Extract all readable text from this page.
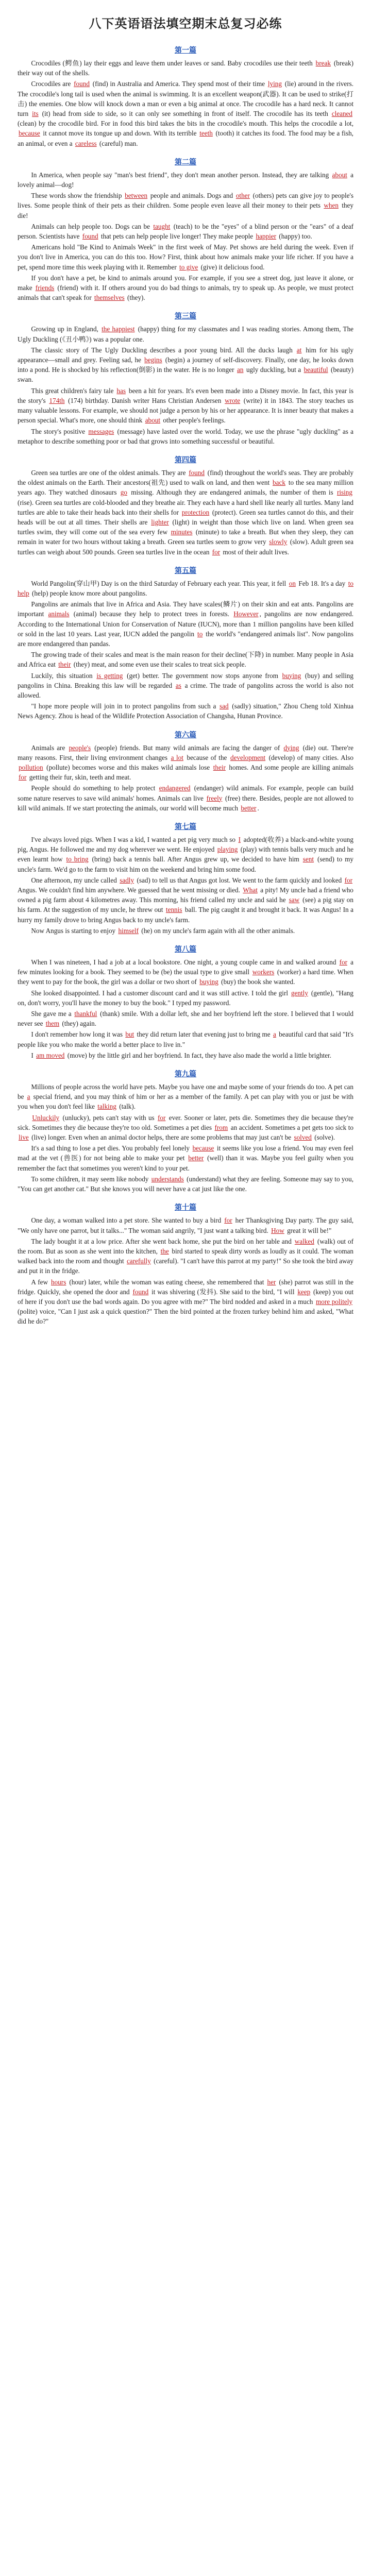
八下英语语法填空期末总复习必练
第一篇

Crocodiles (鳄鱼) lay their eggs and leave them under leaves or sand. Baby crocodiles use their teeth break (break) their way out of the shells.

Crocodiles are found (find) in Australia and America. They spend most of their time lying (lie) around in the rivers. The crocodile's long tail is used when the animal is swimming. It is an excellent weapon(武器). It can be used to strike(打击) the enemies. One blow will knock down a man or even a big animal at once. The crocodile has a hard neck. It cannot turn its (it) head from side to side, so it can only see something in front of itself. The crocodile has its teeth cleaned (clean) by the crocodile bird. For in food this bird takes the bits in the crocodile's mouth. This helps the crocodile a lot, because it cannot move its tongue up and down. With its terrible teeth (tooth) it catches its food. The food may be a fish, an animal, or even a careless (careful) man.

第二篇

In America, when people say "man's best friend", they don't mean another person. Instead, they are talking about a lovely animal—dog!

These words show the friendship between people and animals. Dogs and other (others) pets can give joy to people's lives. Some people think of their pets as their children. Some people even leave all their money to their pets when they die!

Animals can help people too. Dogs can be taught (teach) to be the "eyes" of a blind person or the "ears" of a deaf person. Scientists have found that pets can help people live longer! They make people happier (happy) too.

Americans hold "Be Kind to Animals Week" in the first week of May. Pet shows are held during the week. Even if you don't live in America, you can do this too. How? First, think about how animals make your life richer. If you have a pet, spend more time this week playing with it. Remember to give (give) it delicious food.

If you don't have a pet, be kind to animals around you. For example, if you see a street dog, just leave it alone, or make friends (friend) with it. If others around you do bad things to animals, try to speak up. As people, we must protect animals that can't speak for themselves (they).

第三篇

Growing up in England, the happiest (happy) thing for my classmates and I was reading stories. Among them, The Ugly Duckling (《丑小鸭》) was a popular one.

The classic story of The Ugly Duckling describes a poor young bird. All the ducks laugh at him for his ugly appearance—small and grey. Feeling sad, he begins (begin) a journey of self-discovery. Finally, one day, he looks down into a pond. He is shocked by his reflection(倒影) in the water. He is no longer an ugly duckling, but a beautiful (beauty) swan.

This great children's fairy tale has been a hit for years. It's even been made into a Disney movie. In fact, this year is the story's 174th (174) birthday. Danish writer Hans Christian Andersen wrote (write) it in 1843. The story teaches us many valuable lessons. For example, we should not judge a person by his or her appearance. It is inner beauty that makes a person special. What's more, one should think about other people's feelings.

The story's positive messages (message) have lasted over the world. Today, we use the phrase "ugly duckling" as a metaphor to describe something poor or bad that grows into something successful or beautiful.

第四篇

Green sea turtles are one of the oldest animals. They are found (find) throughout the world's seas. They are probably the oldest animals on the Earth. Their ancestors(祖先) used to walk on land, and then went back to the sea many million years ago. They watched dinosaurs go missing. Although they are endangered animals, the number of them is rising (rise). Green sea turtles are cold-blooded and they breathe air. They each have a hard shell like nearly all turtles. Many land turtles are able to take their heads back into their shells for protection (protect). Green sea turtles cannot do this, and their heads will be out at all times. Their shells are lighter (light) in weight than those which live on land. When green sea turtles swim, they will come out of the sea every few minutes (minute) to take a breath. But when they sleep, they can remain in water for two hours without taking a breath. Green sea turtles seem to grow very slowly (slow). Adult green sea turtles can weigh about 500 pounds. Green sea turtles live in the ocean for most of their adult lives.

第五篇

World Pangolin(穿山甲) Day is on the third Saturday of February each year. This year, it fell on Feb 18. It's a day to help (help) people know more about pangolins.

Pangolins are animals that live in Africa and Asia. They have scales(鳞片) on their skin and eat ants. Pangolins are important animals (animal) because they help to protect trees in forests. However , pangolins are now endangered. According to the International Union for Conservation of Nature (IUCN), more than 1 million pangolins have been killed or sold in the last 10 years. Last year, IUCN added the pangolin to the world's "endangered animals list". Now pangolins are more endangered than pandas.

The growing trade of their scales and meat is the main reason for their decline(下降) in number. Many people in Asia and Africa eat their (they) meat, and some even use their scales to treat sick people.

Luckily, this situation is getting (get) better. The government now stops anyone from buying (buy) and selling pangolins in China. Breaking this law will be regarded as a crime. The trade of pangolins across the world is also not allowed.

"I hope more people will join in to protect pangolins from such a sad (sadly) situation," Zhou Cheng told Xinhua News Agency. Zhou is head of the Wildlife Protection Association of Changsha, Hunan Province.

第六篇

Animals are people's (people) friends. But many wild animals are facing the danger of dying (die) out. There're many reasons. First, their living environment changes a lot because of the development (develop) of many cities. Also pollution (pollute) becomes worse and this makes wild animals lose their homes. And some people are killing animals for getting their fur, skin, teeth and meat.

People should do something to help protect endangered (endanger) wild animals. For example, people can build some nature reserves to save wild animals' homes. Animals can live freely (free) there. Besides, people are not allowed to kill wild animals. If we start protecting the animals, our world will become much better .

第七篇

I've always loved pigs. When I was a kid, I wanted a pet pig very much so I adopted(收养) a black-and-white young pig, Angus. He followed me and my dog wherever we went. He enjoyed playing (play) with tennis balls very much and he even learnt how to bring (bring) back a tennis ball. After Angus grew up, we decided to have him sent (send) to my uncle's farm. We'd go to the farm to visit him on the weekend and bring him some food.

One afternoon, my uncle called sadly (sad) to tell us that Angus got lost. We went to the farm quickly and looked for Angus. We couldn't find him anywhere. We guessed that he went missing or died. What a pity! My uncle had a friend who owned a pig farm about 4 kilometres away. This morning, his friend called my uncle and said he saw (see) a pig stay on his farm. At the suggestion of my uncle, he threw out tennis ball. The pig caught it and brought it back. It was Angus! In a hurry my family drove to bring Angus back to my uncle's farm.

Now Angus is starting to enjoy himself (he) on my uncle's farm again with all the other animals.

第八篇

When I was nineteen, I had a job at a local bookstore. One night, a young couple came in and walked around for a few minutes looking for a book. They seemed to be (be) the usual type to give small workers (worker) a hard time. When they went to pay for the book, the girl was a dollar or two short of buying (buy) the book she wanted.

She looked disappointed. I had a customer discount card and it was still active. I told the girl gently (gentle), "Hang on, don't worry, you'll have the money to buy the book." I typed my password.

She gave me a thankful (thank) smile. With a dollar left, she and her boyfriend left the store. I believed that I would never see them (they) again.

I don't remember how long it was but they did return later that evening just to bring me a beautiful card that said "It's people like you who make the world a better place to live in."

I am moved (move) by the little girl and her boyfriend. In fact, they have also made the world a little brighter.

第九篇

Millions of people across the world have pets. Maybe you have one and maybe some of your friends do too. A pet can be a special friend, and you may think of him or her as a member of the family. A pet can play with you or just be with you when you don't feel like talking (talk).

Unluckily (unlucky), pets can't stay with us for ever. Sooner or later, pets die. Sometimes they die because they're sick. Sometimes they die because they're too old. Sometimes a pet dies from an accident. Sometimes a pet gets too sick to live (live) longer. Even when an animal doctor helps, there are some problems that may just can't be solved (solve).

It's a sad thing to lose a pet dies. You probably feel lonely because it seems like you lose a friend. You may even feel mad at the vet (兽医) for not being able to make your pet better (well) than it was. Maybe you feel guilty when you remember the fact that sometimes you weren't kind to your pet.

To some children, it may seem like nobody understands (understand) what they are feeling. Someone may say to you, "You can get another cat." But she knows you will never have a cat just like the one.

第十篇

One day, a woman walked into a pet store. She wanted to buy a bird for her Thanksgiving Day party. The guy said, "We only have one parrot, but it talks..." The woman said angrily, "I just want a talking bird. How great it will be!"

The lady bought it at a low price. After she went back home, she put the bird on her table and walked (walk) out of the room. But as soon as she went into the kitchen, the bird started to speak dirty words as loudly as it could. The woman walked back into the room and thought carefully (careful). "I can't have this parrot at my party!" So she took the bird away and put it in the fridge.

A few hours (hour) later, while the woman was eating cheese, she remembered that her (she) parrot was still in the fridge. Quickly, she opened the door and found it was shivering (发抖). She said to the bird, "I will keep (keep) you out of here if you don't use the bad words again. Do you agree with me?" The bird nodded and asked in a much more politely (polite) voice, "Can I just ask a quick question?" Then the bird pointed at the frozen turkey behind him and asked, "What did he do?"
